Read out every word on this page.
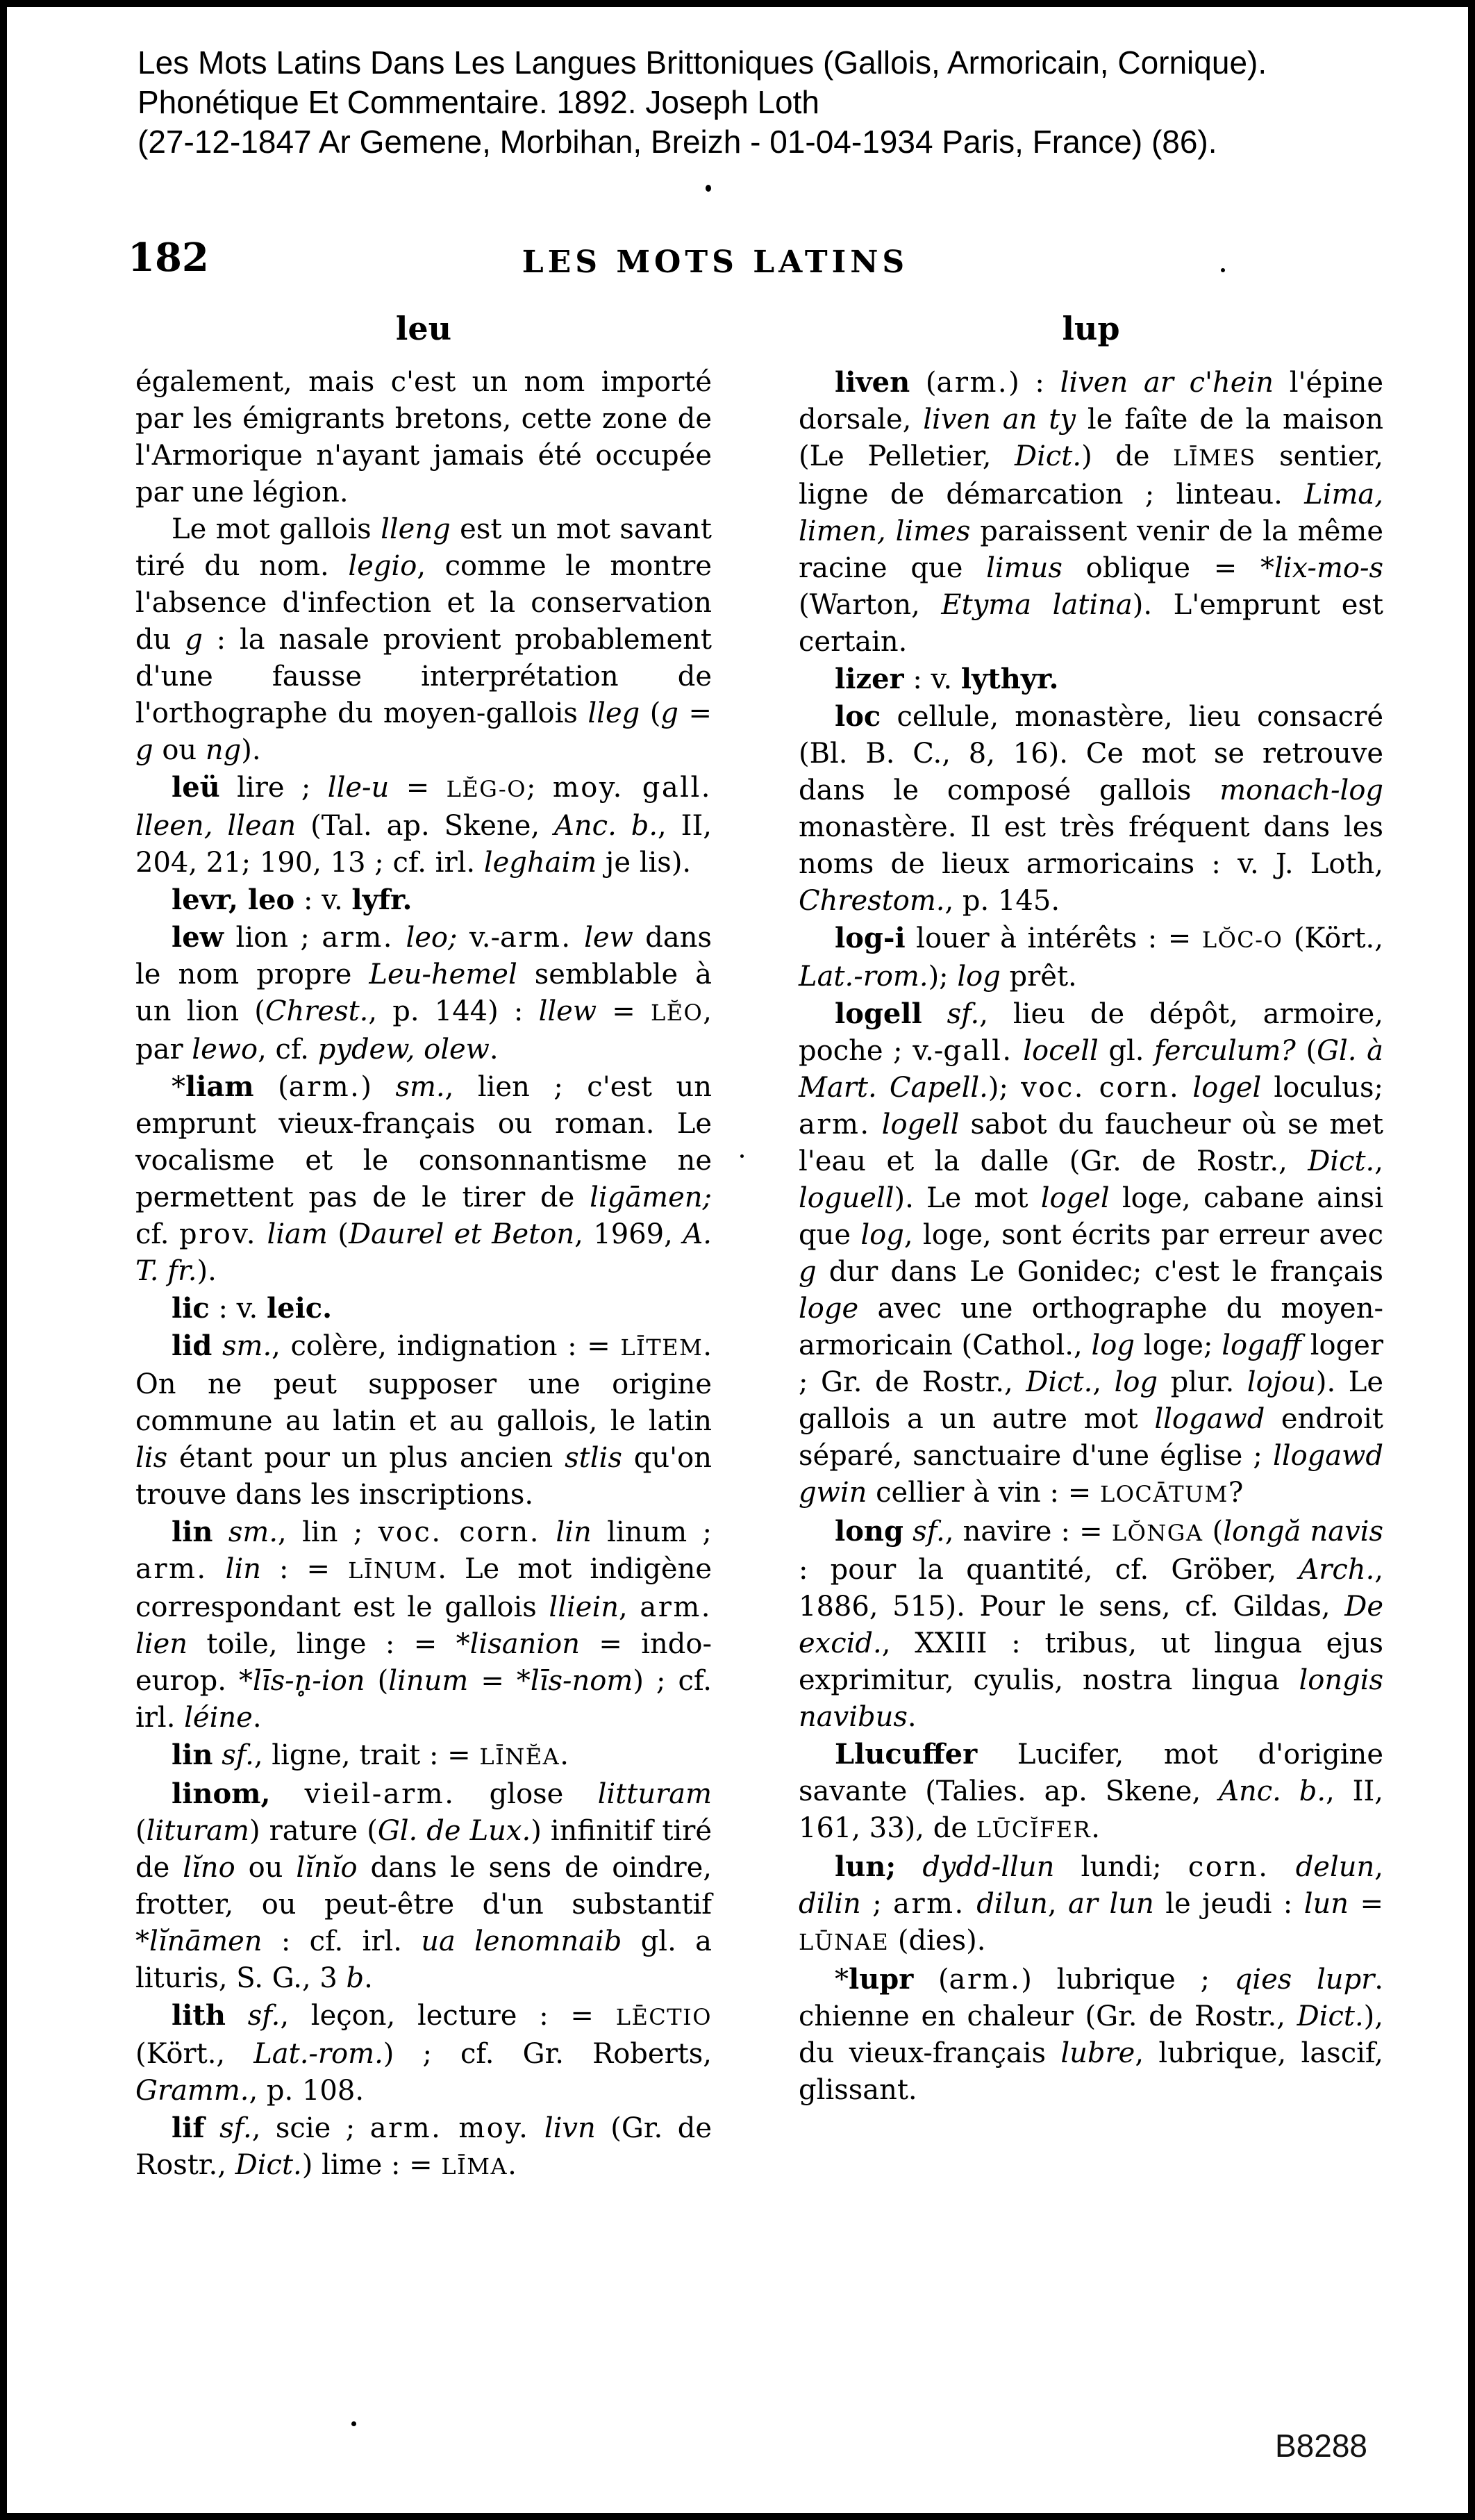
Les Mots Latins Dans Les Langues Brittoniques (Gallois, Armoricain, Cornique).
Phonétique Et Commentaire. 1892. Joseph Loth
(27-12-1847 Ar Gemene, Morbihan, Breizh - 01-04-1934 Paris, France) (86).
182	LES MOTS LATINS
leu	lup

également, mais c'est un nom importé par les émigrants bretons, cette zone de l'Armorique n'ayant jamais été occupée par une légion.

Le mot gallois lleng est un mot savant tiré du nom. legio, comme le montre l'absence d'infection et la conservation du g : la nasale provient probablement d'une fausse interprétation de l'orthographe du moyen-gallois lleg (g = g ou ng).

leü lire ; lle-u = LĔG-O; moy. gall. lleen, llean (Tal. ap. Skene, Anc. b., II, 204, 21; 190, 13 ; cf. irl. leghaim je lis).

levr, leo : v. lyfr.

lew lion ; arm. leo; v.-arm. lew dans le nom propre Leu-hemel semblable à un lion (Chrest., p. 144) : llew = LĔO, par lewo, cf. pydew, olew.

*liam (arm.) sm., lien ; c'est un emprunt vieux-français ou roman. Le vocalisme et le consonnantisme ne permettent pas de le tirer de ligāmen; cf. prov. liam (Daurel et Beton, 1969, A. T. fr.).

lic : v. leic.

lid sm., colère, indignation : = LĪTEM. On ne peut supposer une origine commune au latin et au gallois, le latin lis étant pour un plus ancien stlis qu'on trouve dans les inscriptions.

lin sm., lin ; voc. corn. lin linum ; arm. lin : = LĪNUM. Le mot indigène correspondant est le gallois lliein, arm. lien toile, linge : = *lisanion = indo-europ. *līs-n̥-ion (linum = *līs-nom) ; cf. irl. léine.

lin sf., ligne, trait : = LĪNĔA.

linom, vieil-arm. glose litturam (lituram) rature (Gl. de Lux.) infinitif tiré de lĭno ou lĭnĭo dans le sens de oindre, frotter, ou peut-être d'un substantif *lĭnāmen : cf. irl. ua lenomnaib gl. a lituris, S. G., 3 b.

lith sf., leçon, lecture : = LĒCTIO (Kört., Lat.-rom.) ; cf. Gr. Roberts, Gramm., p. 108.

lif sf., scie ; arm. moy. livn (Gr. de Rostr., Dict.) lime : = LĪMA.

liven (arm.) : liven ar c'hein l'épine dorsale, liven an ty le faîte de la maison (Le Pelletier, Dict.) de LĪMES sentier, ligne de démarcation ; linteau. Lima, limen, limes paraissent venir de la même racine que limus oblique = *lix-mo-s (Warton, Etyma latina). L'emprunt est certain.

lizer : v. lythyr.

loc cellule, monastère, lieu consacré (Bl. B. C., 8, 16). Ce mot se retrouve dans le composé gallois monach-log monastère. Il est très fréquent dans les noms de lieux armoricains : v. J. Loth, Chrestom., p. 145.

log-i louer à intérêts : = LŎC-O (Kört., Lat.-rom.); log prêt.

logell sf., lieu de dépôt, armoire, poche ; v.-gall. locell gl. ferculum? (Gl. à Mart. Capell.); voc. corn. logel loculus; arm. logell sabot du faucheur où se met l'eau et la dalle (Gr. de Rostr., Dict., loguell). Le mot logel loge, cabane ainsi que log, loge, sont écrits par erreur avec g dur dans Le Gonidec; c'est le français loge avec une orthographe du moyen-armoricain (Cathol., log loge; logaff loger ; Gr. de Rostr., Dict., log plur. lojou). Le gallois a un autre mot llogawd endroit séparé, sanctuaire d'une église ; llogawd gwin cellier à vin : = LOCĀTUM?

long sf., navire : = LŎNGA (longă navis : pour la quantité, cf. Gröber, Arch., 1886, 515). Pour le sens, cf. Gildas, De excid., XXIII : tribus, ut lingua ejus exprimitur, cyulis, nostra lingua longis navibus.

Llucuffer Lucifer, mot d'origine savante (Talies. ap. Skene, Anc. b., II, 161, 33), de LŪCĬFER.

lun; dydd-llun lundi; corn. delun, dilin ; arm. dilun, ar lun le jeudi : lun = LŪNAE (dies).

*lupr (arm.) lubrique ; qies lupr. chienne en chaleur (Gr. de Rostr., Dict.), du vieux-français lubre, lubrique, lascif, glissant.

B8288
